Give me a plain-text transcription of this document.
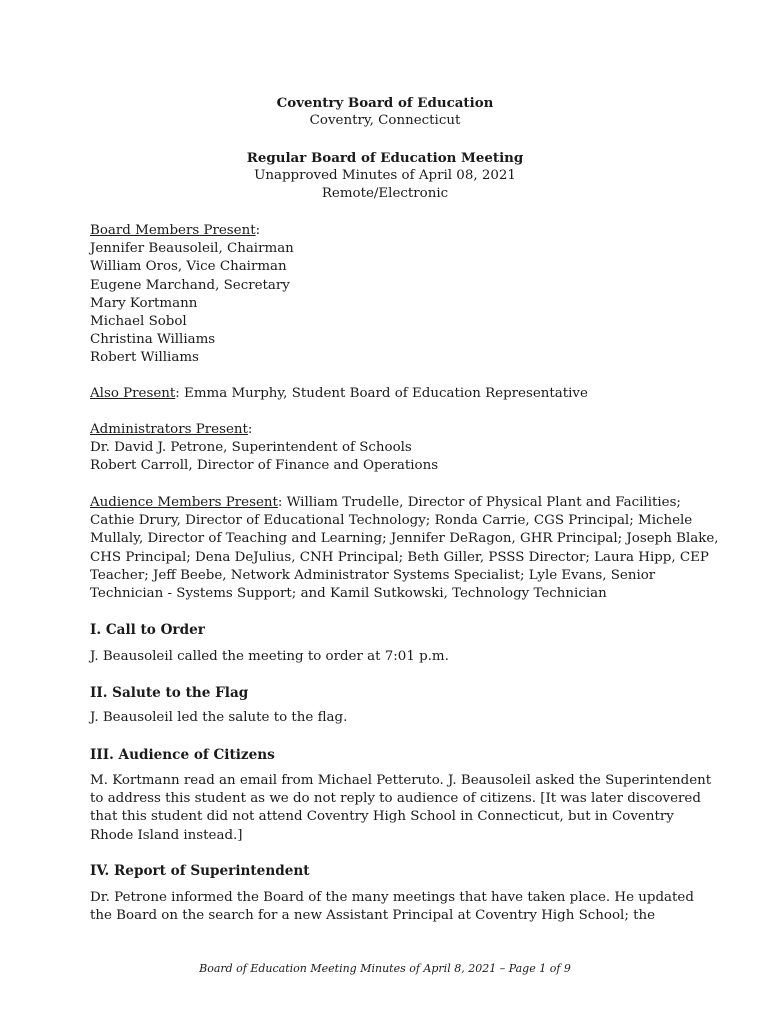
Coventry Board of Education
Coventry, Connecticut
Regular Board of Education Meeting
Unapproved Minutes of April 08, 2021
Remote/Electronic
Board Members Present:
Jennifer Beausoleil, Chairman
William Oros, Vice Chairman
Eugene Marchand, Secretary
Mary Kortmann
Michael Sobol
Christina Williams
Robert Williams
Also Present: Emma Murphy, Student Board of Education Representative
Administrators Present:
Dr. David J. Petrone, Superintendent of Schools
Robert Carroll, Director of Finance and Operations
Audience Members Present: William Trudelle, Director of Physical Plant and Facilities;
Cathie Drury, Director of Educational Technology; Ronda Carrie, CGS Principal; Michele
Mullaly, Director of Teaching and Learning; Jennifer DeRagon, GHR Principal; Joseph Blake,
CHS Principal; Dena DeJulius, CNH Principal; Beth Giller, PSSS Director; Laura Hipp, CEP
Teacher; Jeff Beebe, Network Administrator Systems Specialist; Lyle Evans, Senior
Technician - Systems Support; and Kamil Sutkowski, Technology Technician
I. Call to Order
J. Beausoleil called the meeting to order at 7:01 p.m.
II. Salute to the Flag
J. Beausoleil led the salute to the flag.
III. Audience of Citizens
M. Kortmann read an email from Michael Petteruto. J. Beausoleil asked the Superintendent
to address this student as we do not reply to audience of citizens. [It was later discovered
that this student did not attend Coventry High School in Connecticut, but in Coventry
Rhode Island instead.]
IV. Report of Superintendent
Dr. Petrone informed the Board of the many meetings that have taken place. He updated
the Board on the search for a new Assistant Principal at Coventry High School; the
Board of Education Meeting Minutes of April 8, 2021 – Page 1 of 9
